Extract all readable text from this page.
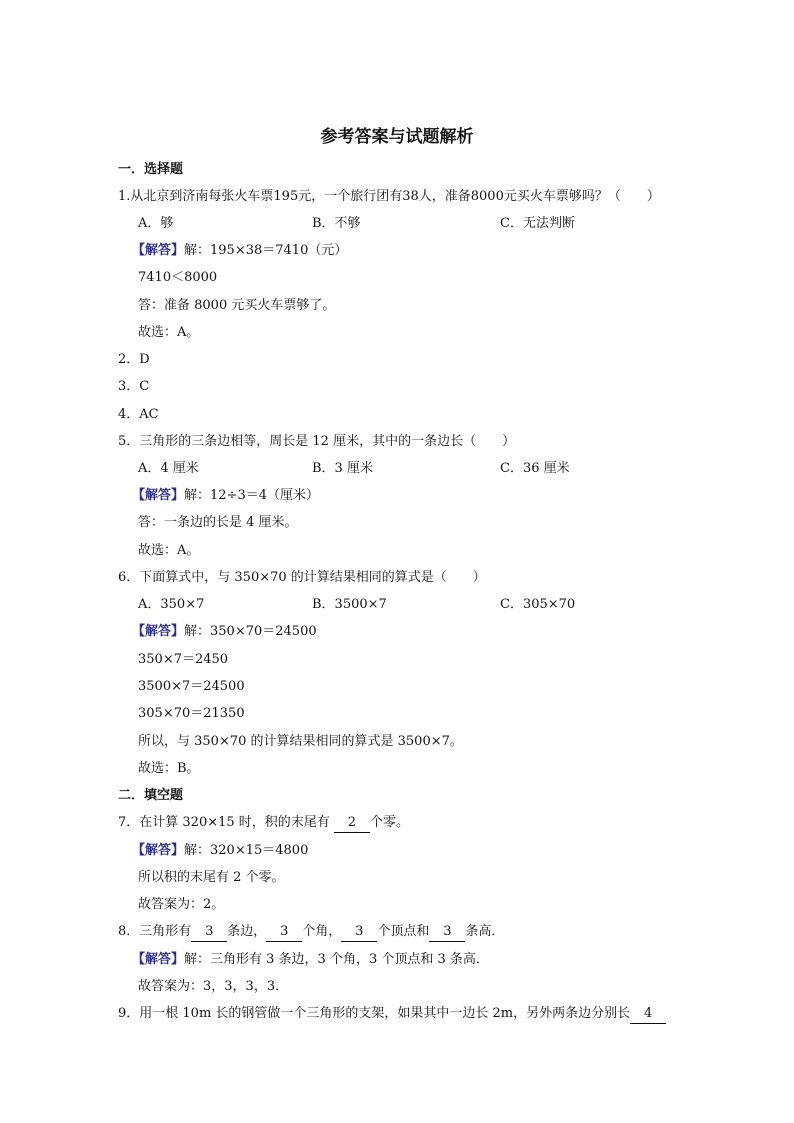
参考答案与试题解析
一．选择题
1.从北京到济南每张火车票195元，一个旅行团有38人，准备8000元买火车票够吗？（　　）
A．够	B．不够	C．无法判断
【解答】解：195×38＝7410（元）
7410＜8000
答：准备 8000 元买火车票够了。
故选：A。
2．D
3．C
4．AC
5．三角形的三条边相等，周长是 12 厘米，其中的一条边长（　　）
A．4 厘米	B．3 厘米	C．36 厘米
【解答】解：12÷3＝4（厘米）
答：一条边的长是 4 厘米。
故选：A。
6．下面算式中，与 350×70 的计算结果相同的算式是（　　）
A．350×7	B．3500×7	C．305×70
【解答】解：350×70＝24500
350×7＝2450
3500×7＝24500
305×70＝21350
所以，与 350×70 的计算结果相同的算式是 3500×7。
故选：B。
二．填空题
7．在计算 320×15 时，积的末尾有 2 个零。
【解答】解：320×15＝4800
所以积的末尾有 2 个零。
故答案为：2。
8．三角形有 3 条边， 3 个角， 3 个顶点和 3 条高．
【解答】解：三角形有 3 条边，3 个角，3 个顶点和 3 条高．
故答案为：3，3，3，3．
9．用一根 10m 长的钢管做一个三角形的支架，如果其中一边长 2m，另外两条边分别长 4
